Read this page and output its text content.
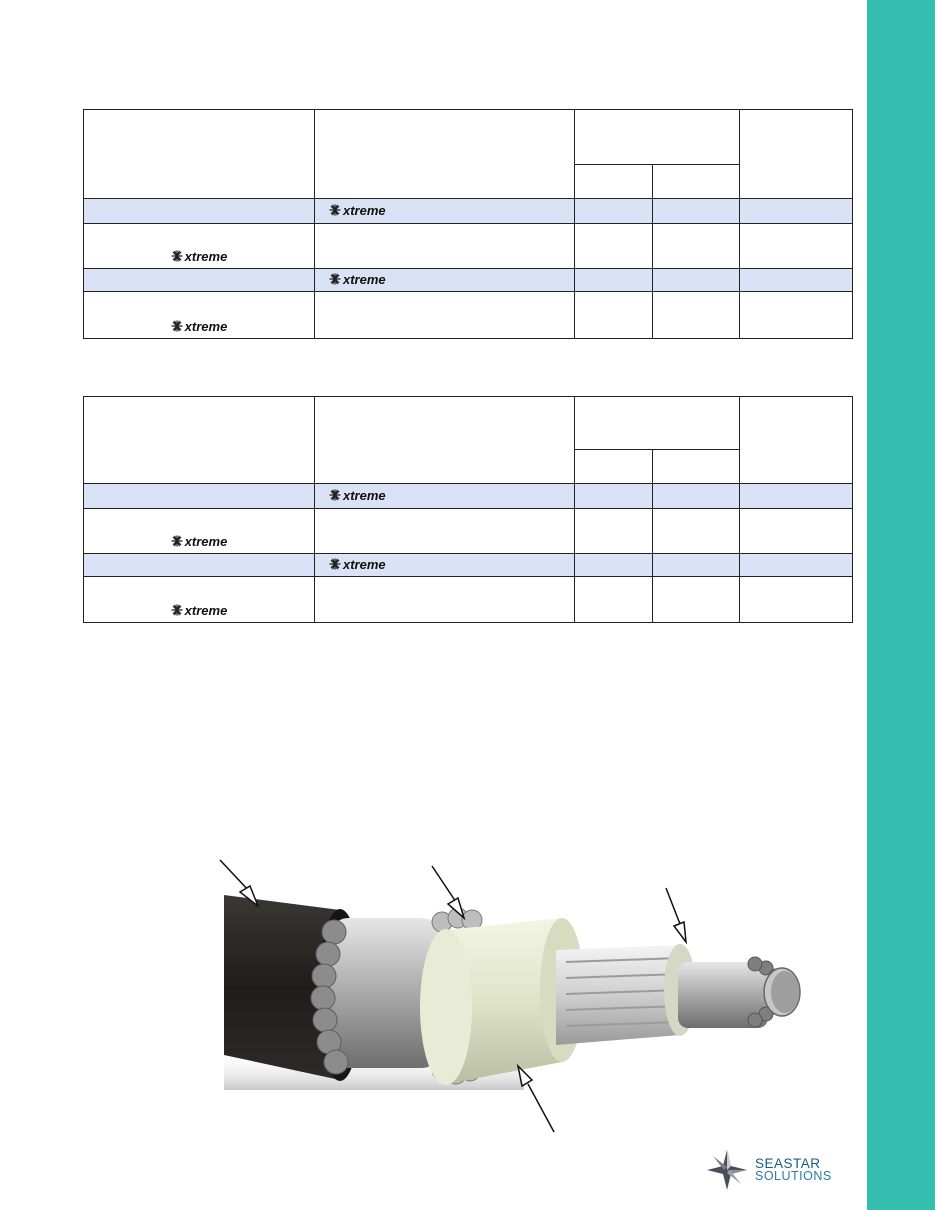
	xtreme			

xtreme				

	xtreme			

xtreme				

	xtreme			

xtreme				

	xtreme			

xtreme				

SEASTAR
SOLUTIONS
